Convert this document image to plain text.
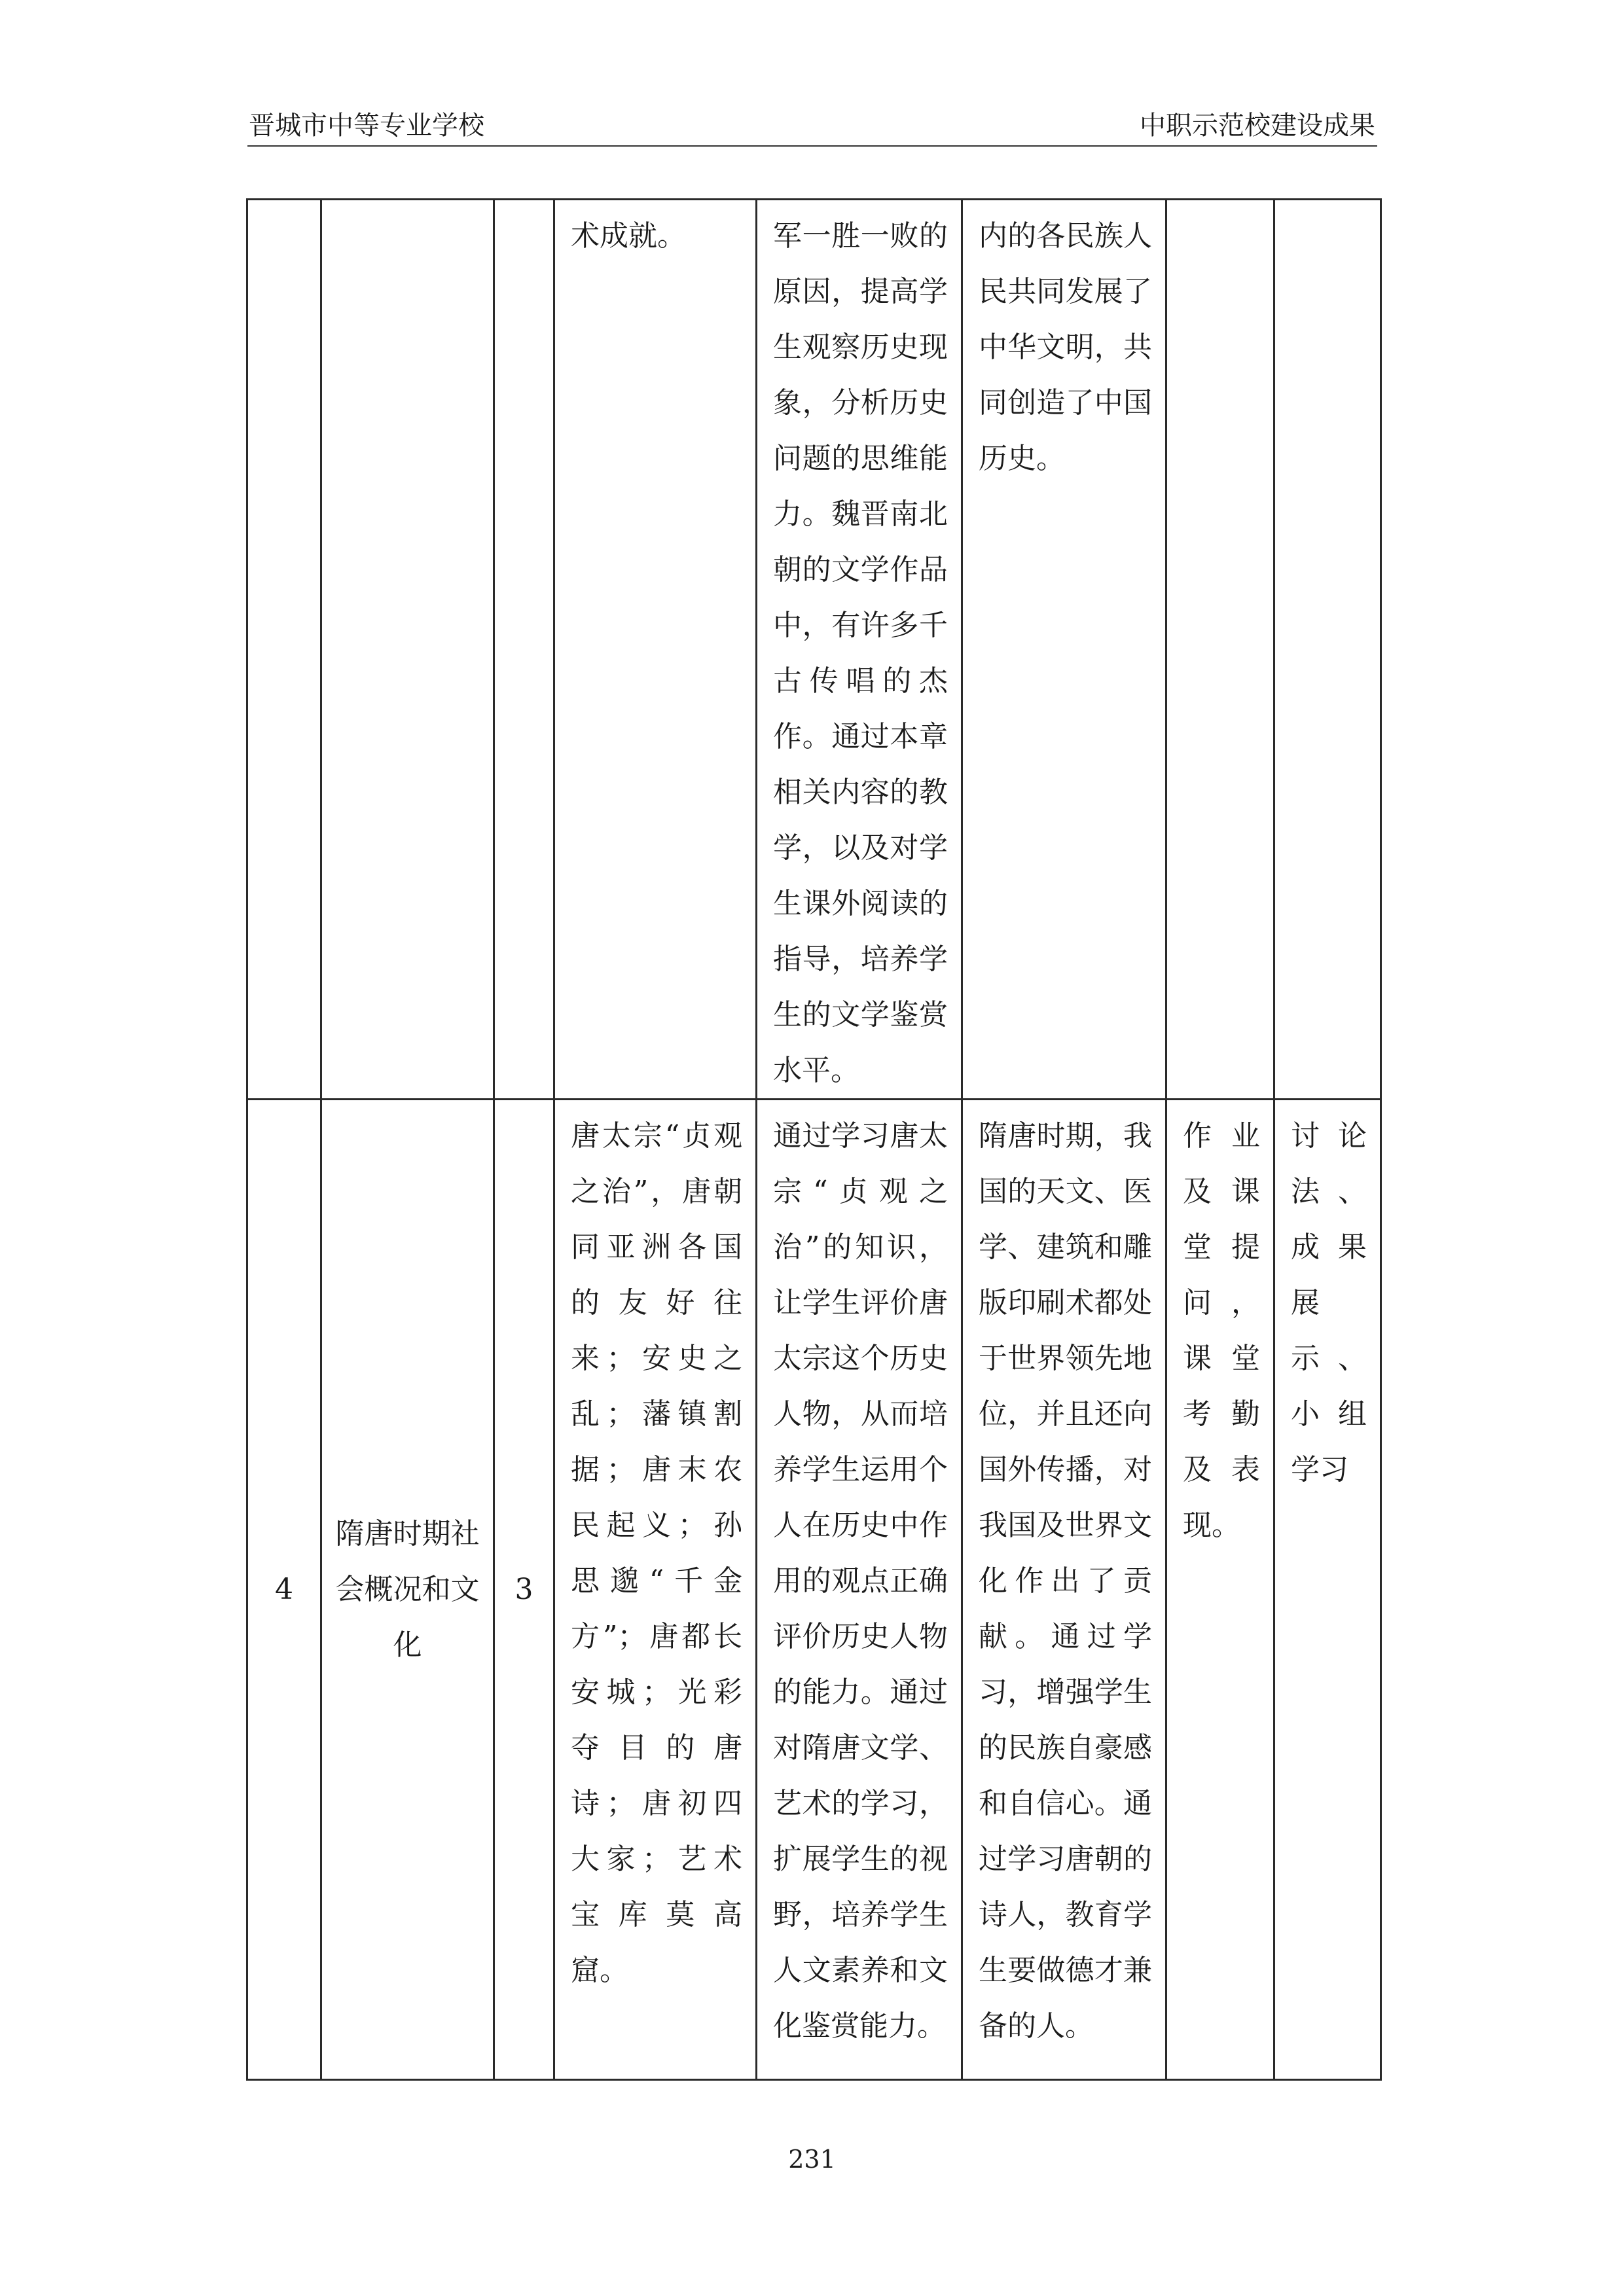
晋城市中等专业学校	中职示范校建设成果

			术成就。	军一胜一败的原因，提高学生观察历史现象，分析历史问题的思维能力。魏晋南北朝的文学作品中，有许多千古传唱的杰作。通过本章相关内容的教学，以及对学生课外阅读的指导，培养学生的文学鉴赏水平。	内的各民族人民共同发展了中华文明，共同创造了中国历史。		

4	隋唐时期社会概况和文化	3	唐太宗“贞观之治”，唐朝同亚洲各国的友好往来；安史之乱；藩镇割据；唐末农民起义；孙思邈“千金方”；唐都长安城；光彩夺目的唐诗；唐初四大家；艺术宝库莫高窟。	通过学习唐太宗“贞观之治”的知识，让学生评价唐太宗这个历史人物，从而培养学生运用个人在历史中作用的观点正确评价历史人物的能力。通过对隋唐文学、艺术的学习，扩展学生的视野，培养学生人文素养和文化鉴赏能力。	隋唐时期，我国的天文、医学、建筑和雕版印刷术都处于世界领先地位，并且还向国外传播，对我国及世界文化作出了贡献。通过学习，增强学生的民族自豪感和自信心。通过学习唐朝的诗人，教育学生要做德才兼备的人。	作业及课堂提问，课堂考勤及表现。	讨论法、成果展示、小组学习
231
